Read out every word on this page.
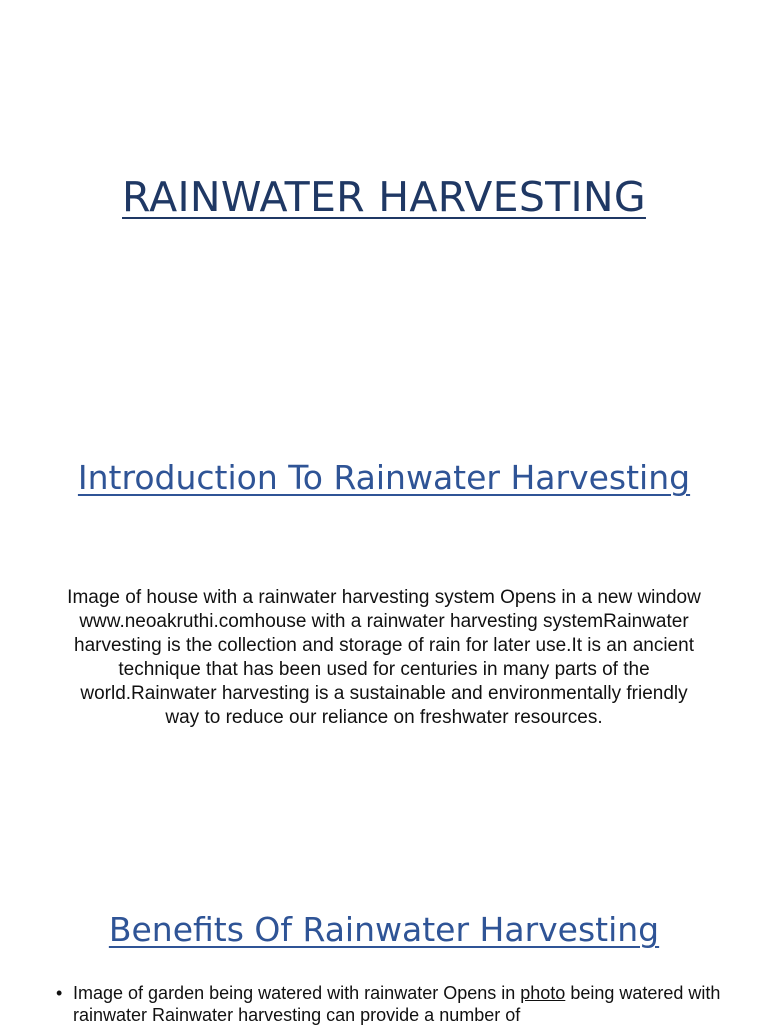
RAINWATER HARVESTING
Introduction To Rainwater Harvesting

Image of house with a rainwater harvesting system Opens in a new window www.neoakruthi.comhouse with a rainwater harvesting systemRainwater harvesting is the collection and storage of rain for later use.It is an ancient technique that has been used for centuries in many parts of the world.Rainwater harvesting is a sustainable and environmentally friendly way to reduce our reliance on freshwater resources.

Benefits Of Rainwater Harvesting
• Image of garden being watered with rainwater Opens in photo being watered with rainwater Rainwater harvesting can provide a number of
